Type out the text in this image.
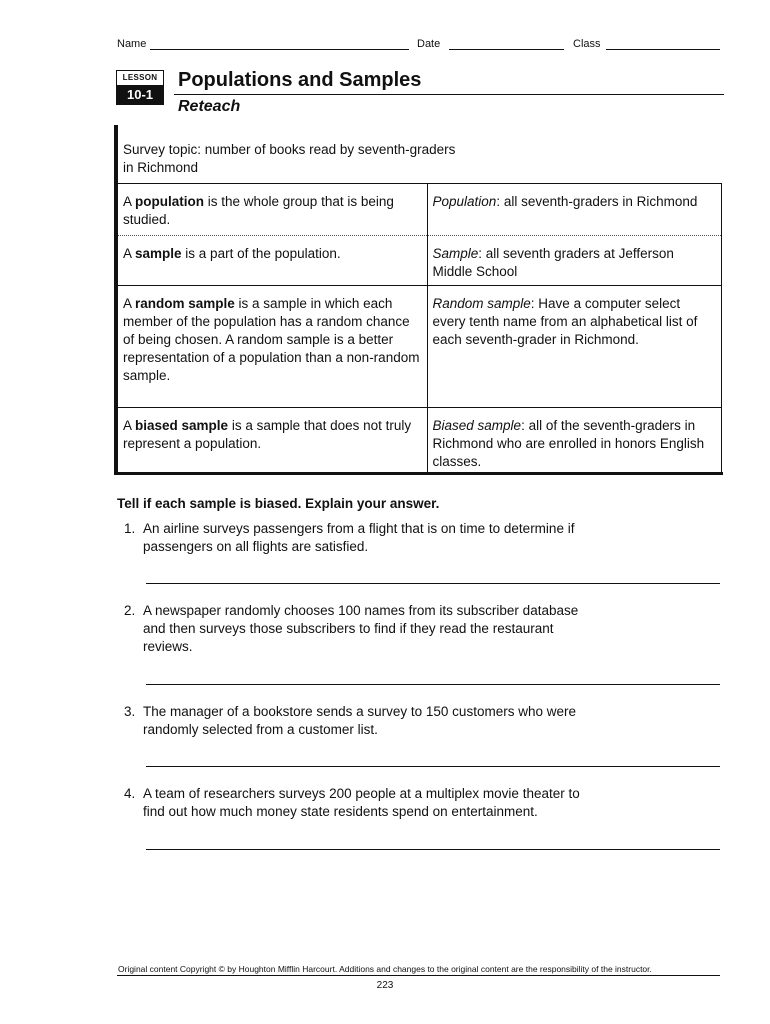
Name	Date	Class
LESSON
10-1
Populations and Samples
Reteach
Survey topic: number of books read by seventh-graders
in Richmond
A population is the whole group that is being studied.	Population: all seventh-graders in Richmond
A sample is a part of the population.	Sample: all seventh graders at Jefferson Middle School
A random sample is a sample in which each member of the population has a random chance of being chosen. A random sample is a better representation of a population than a non-random sample.	Random sample: Have a computer select every tenth name from an alphabetical list of each seventh-grader in Richmond.
A biased sample is a sample that does not truly represent a population.	Biased sample: all of the seventh-graders in Richmond who are enrolled in honors English classes.
Tell if each sample is biased. Explain your answer.
1. An airline surveys passengers from a flight that is on time to determine if passengers on all flights are satisfied.
2. A newspaper randomly chooses 100 names from its subscriber database and then surveys those subscribers to find if they read the restaurant reviews.
3. The manager of a bookstore sends a survey to 150 customers who were randomly selected from a customer list.
4. A team of researchers surveys 200 people at a multiplex movie theater to find out how much money state residents spend on entertainment.
Original content Copyright © by Houghton Mifflin Harcourt. Additions and changes to the original content are the responsibility of the instructor.
223
